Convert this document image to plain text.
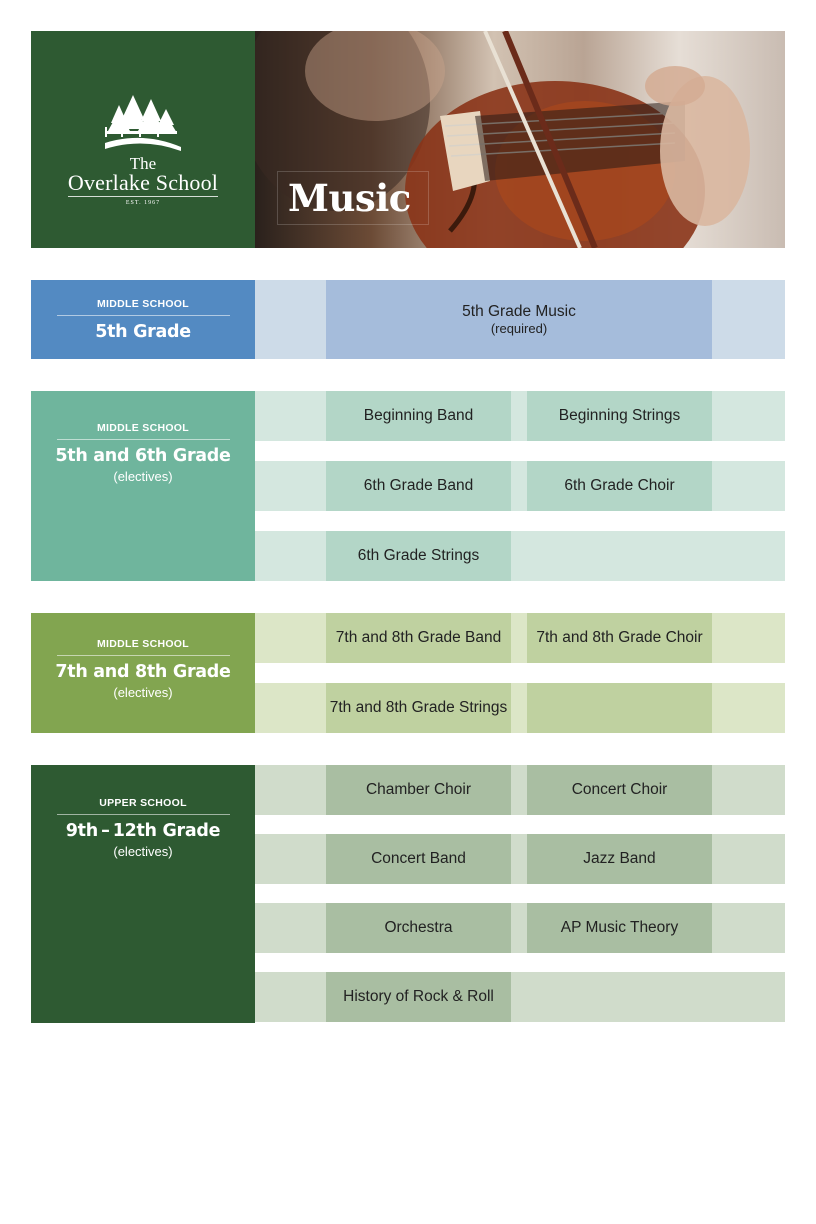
The
Overlake School
EST. 1967	Music
MIDDLE SCHOOL
5th Grade
5th Grade Music
(required)
MIDDLE SCHOOL
5th and 6th Grade
(electives)
Beginning Band	Beginning Strings
6th Grade Band	6th Grade Choir
6th Grade Strings
MIDDLE SCHOOL
7th and 8th Grade
(electives)
7th and 8th Grade Band	7th and 8th Grade Choir
7th and 8th Grade Strings
UPPER SCHOOL
9th – 12th Grade
(electives)
Chamber Choir	Concert Choir
Concert Band	Jazz Band
Orchestra	AP Music Theory
History of Rock & Roll
